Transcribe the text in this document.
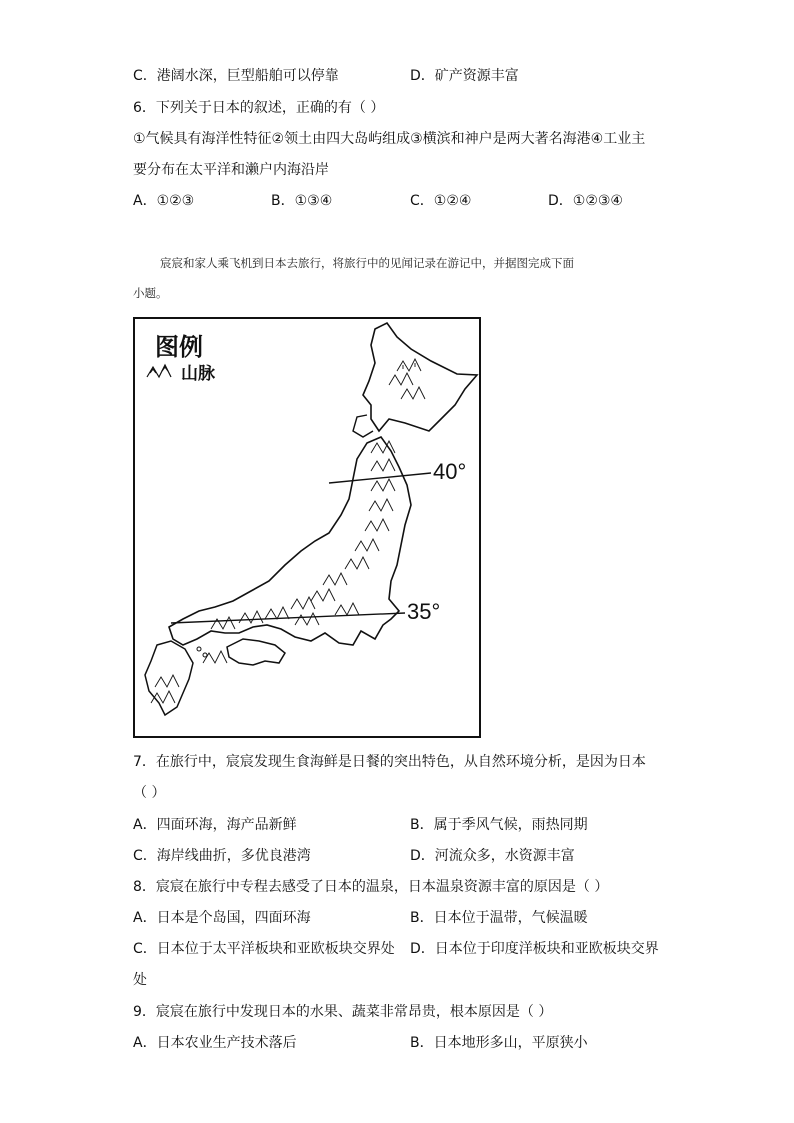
C．港阔水深，巨型船舶可以停靠	D．矿产资源丰富
6．下列关于日本的叙述，正确的有（ ）
①气候具有海洋性特征②领土由四大岛屿组成③横滨和神户是两大著名海港④工业主
要分布在太平洋和濑户内海沿岸
A．①②③	B．①③④	C．①②④	D．①②③④
宸宸和家人乘飞机到日本去旅行，将旅行中的见闻记录在游记中，并据图完成下面
小题。
图例
山脉
40°
35°
7．在旅行中，宸宸发现生食海鲜是日餐的突出特色，从自然环境分析，是因为日本
（ ）
A．四面环海，海产品新鲜	B．属于季风气候，雨热同期
C．海岸线曲折，多优良港湾	D．河流众多，水资源丰富
8．宸宸在旅行中专程去感受了日本的温泉，日本温泉资源丰富的原因是（ ）
A．日本是个岛国，四面环海	B．日本位于温带，气候温暖
C．日本位于太平洋板块和亚欧板块交界处 D．日本位于印度洋板块和亚欧板块交界
处
9．宸宸在旅行中发现日本的水果、蔬菜非常昂贵，根本原因是（ ）
A．日本农业生产技术落后	B．日本地形多山，平原狭小
